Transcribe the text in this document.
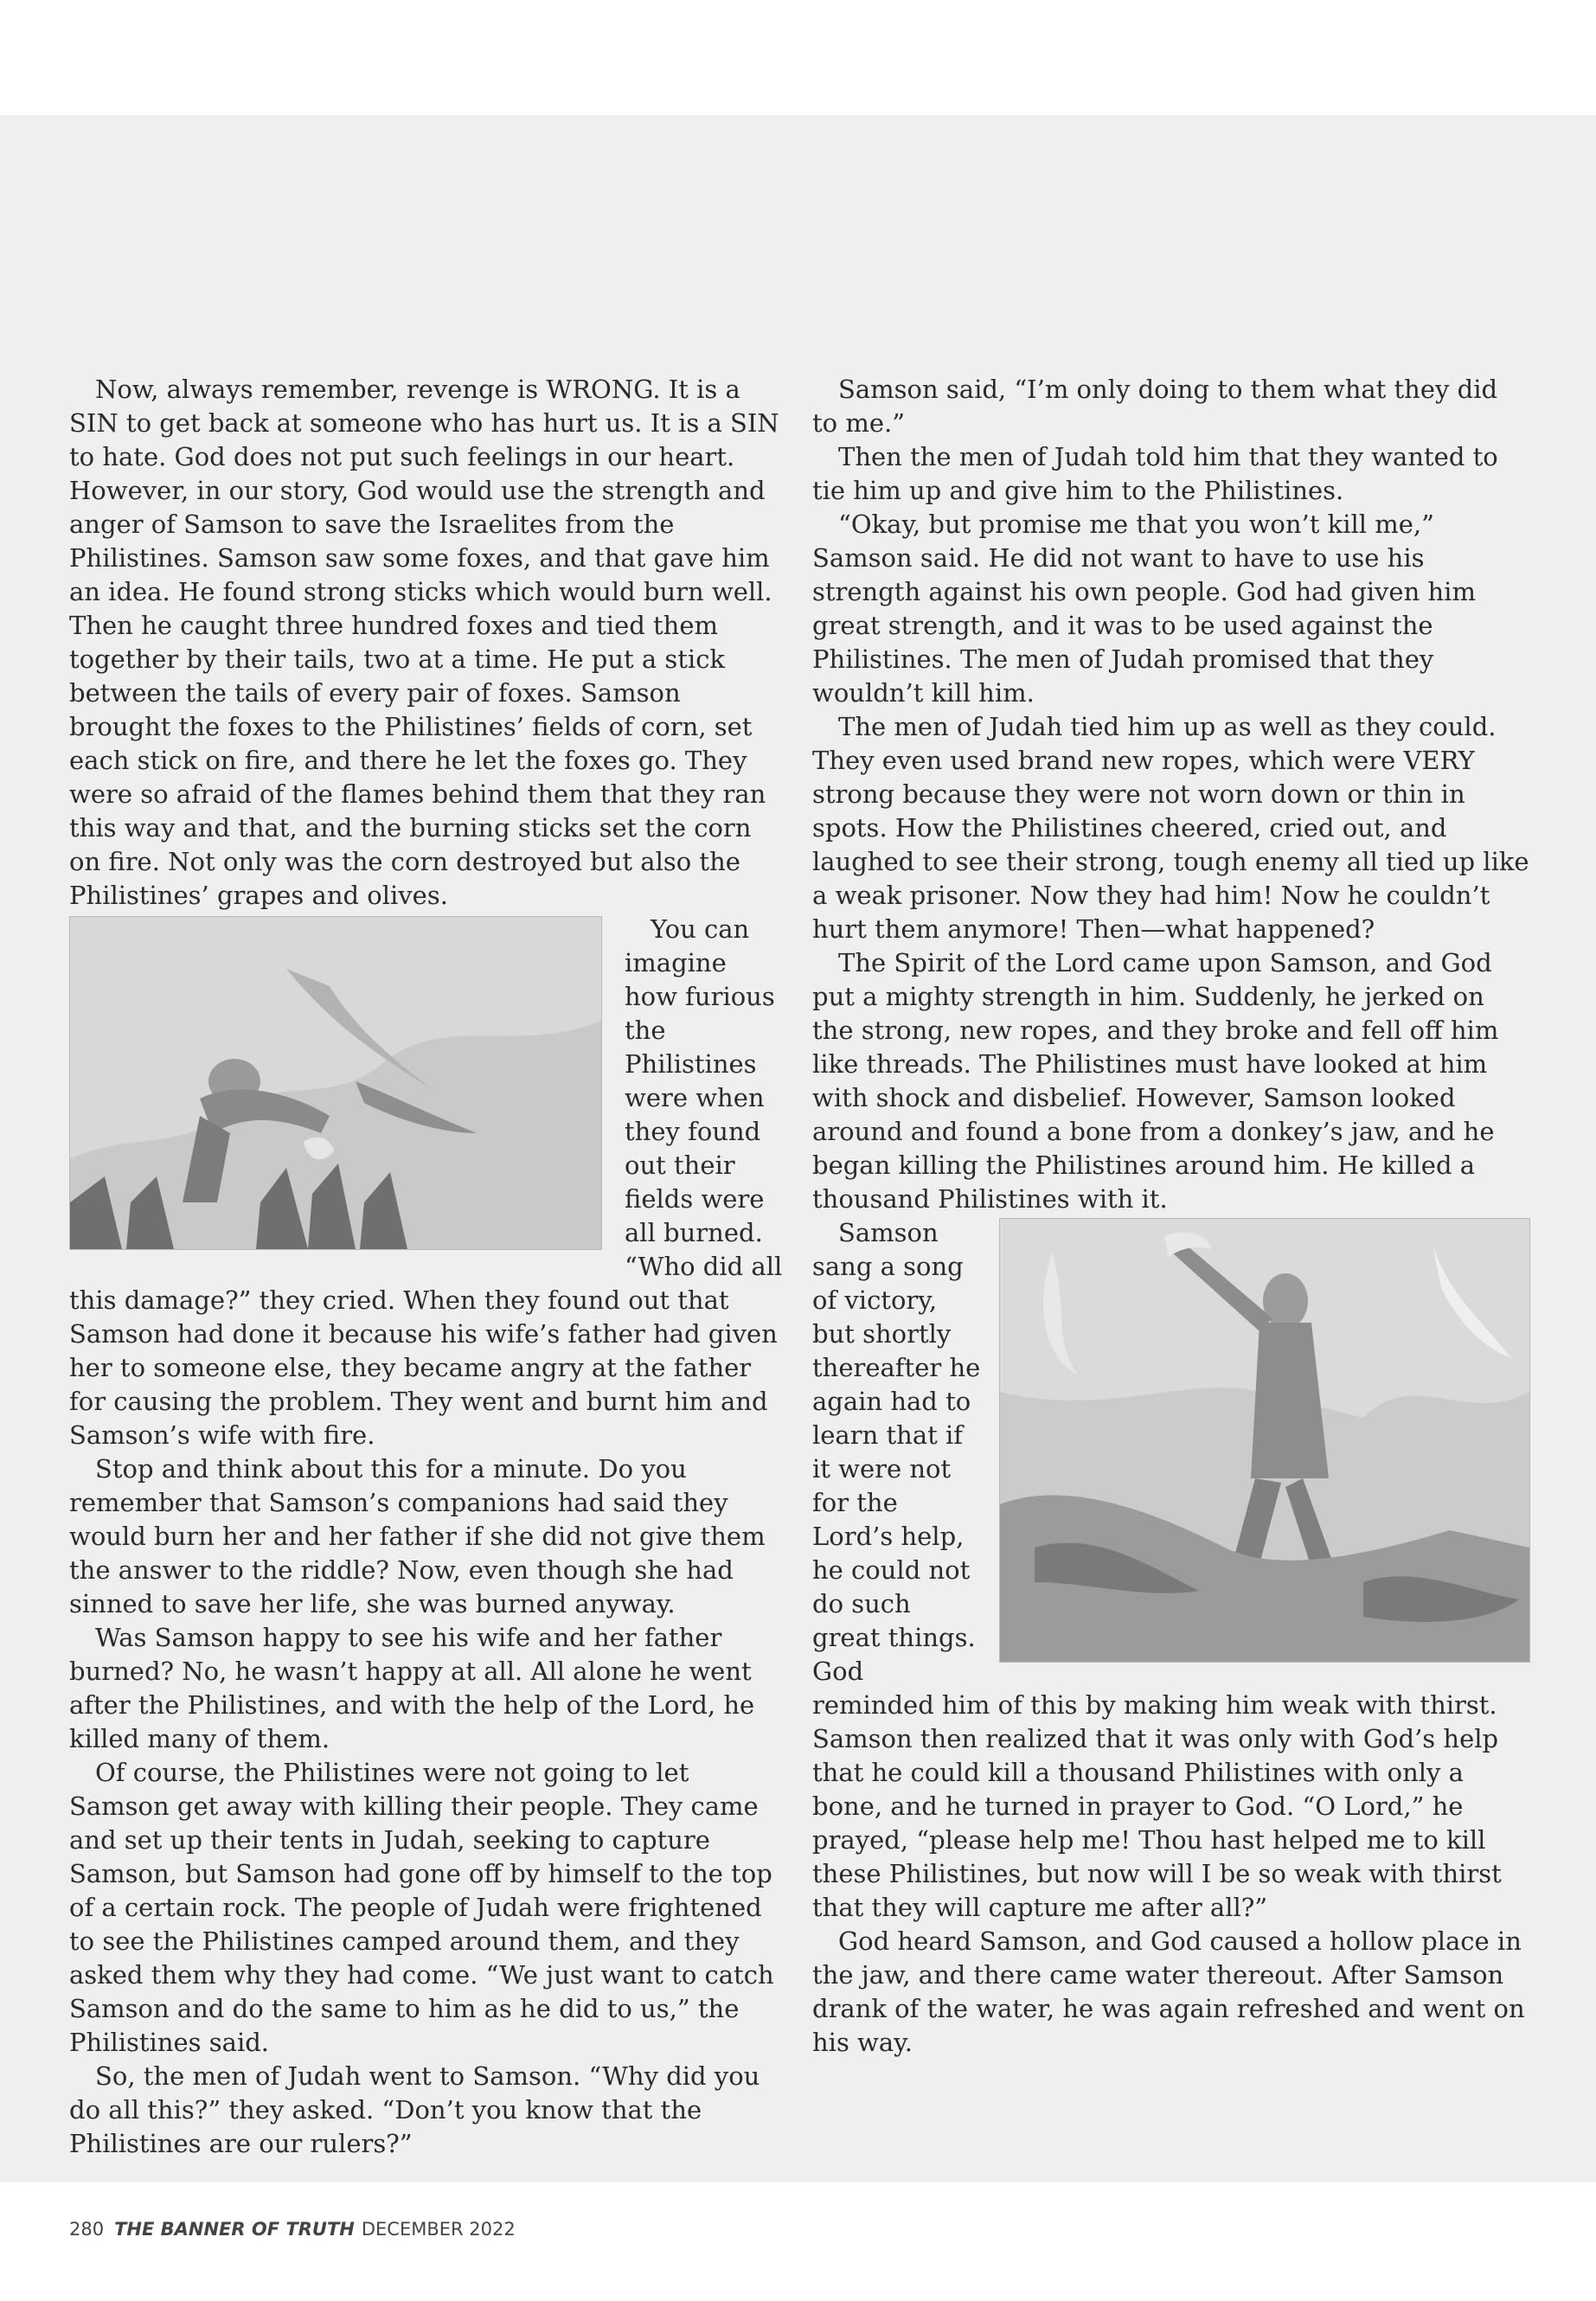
Now, always remember, revenge is WRONG. It is a SIN to get back at someone who has hurt us. It is a SIN to hate. God does not put such feelings in our heart. However, in our story, God would use the strength and anger of Samson to save the Israelites from the Philistines. Samson saw some foxes, and that gave him an idea. He found strong sticks which would burn well. Then he caught three hundred foxes and tied them together by their tails, two at a time. He put a stick between the tails of every pair of foxes. Samson brought the foxes to the Philistines’ fields of corn, set each stick on fire, and there he let the foxes go. They were so afraid of the flames behind them that they ran this way and that, and the burning sticks set the corn on fire. Not only was the corn destroyed but also the Philistines’ grapes and olives.

You can imagine how furious the Philistines were when they found out their fields were all burned. “Who did all this damage?” they cried. When they found out that Samson had done it because his wife’s father had given her to someone else, they became angry at the father for causing the problem. They went and burnt him and Samson’s wife with fire.

Stop and think about this for a minute. Do you remember that Samson’s companions had said they would burn her and her father if she did not give them the answer to the riddle? Now, even though she had sinned to save her life, she was burned anyway.

Was Samson happy to see his wife and her father burned? No, he wasn’t happy at all. All alone he went after the Philistines, and with the help of the Lord, he killed many of them.

Of course, the Philistines were not going to let Samson get away with killing their people. They came and set up their tents in Judah, seeking to capture Samson, but Samson had gone off by himself to the top of a certain rock. The people of Judah were frightened to see the Philistines camped around them, and they asked them why they had come. “We just want to catch Samson and do the same to him as he did to us,” the Philistines said.

So, the men of Judah went to Samson. “Why did you do all this?” they asked. “Don’t you know that the Philistines are our rulers?”

Samson said, “I’m only doing to them what they did to me.”

Then the men of Judah told him that they wanted to tie him up and give him to the Philistines.

“Okay, but promise me that you won’t kill me,” Samson said. He did not want to have to use his strength against his own people. God had given him great strength, and it was to be used against the Philistines. The men of Judah promised that they wouldn’t kill him.

The men of Judah tied him up as well as they could. They even used brand new ropes, which were VERY strong because they were not worn down or thin in spots. How the Philistines cheered, cried out, and laughed to see their strong, tough enemy all tied up like a weak prisoner. Now they had him! Now he couldn’t hurt them anymore! Then—what happened?

The Spirit of the Lord came upon Samson, and God put a mighty strength in him. Suddenly, he jerked on the strong, new ropes, and they broke and fell off him like threads. The Philistines must have looked at him with shock and disbelief. However, Samson looked around and found a bone from a donkey’s jaw, and he began killing the Philistines around him. He killed a thousand Philistines with it.

Samson sang a song of victory, but shortly thereafter he again had to learn that if it were not for the Lord’s help, he could not do such great things. God reminded him of this by making him weak with thirst. Samson then realized that it was only with God’s help that he could kill a thousand Philistines with only a bone, and he turned in prayer to God. “O Lord,” he prayed, “please help me! Thou hast helped me to kill these Philistines, but now will I be so weak with thirst that they will capture me after all?”

God heard Samson, and God caused a hollow place in the jaw, and there came water thereout. After Samson drank of the water, he was again refreshed and went on his way.

280 THE BANNER OF TRUTH DECEMBER 2022
